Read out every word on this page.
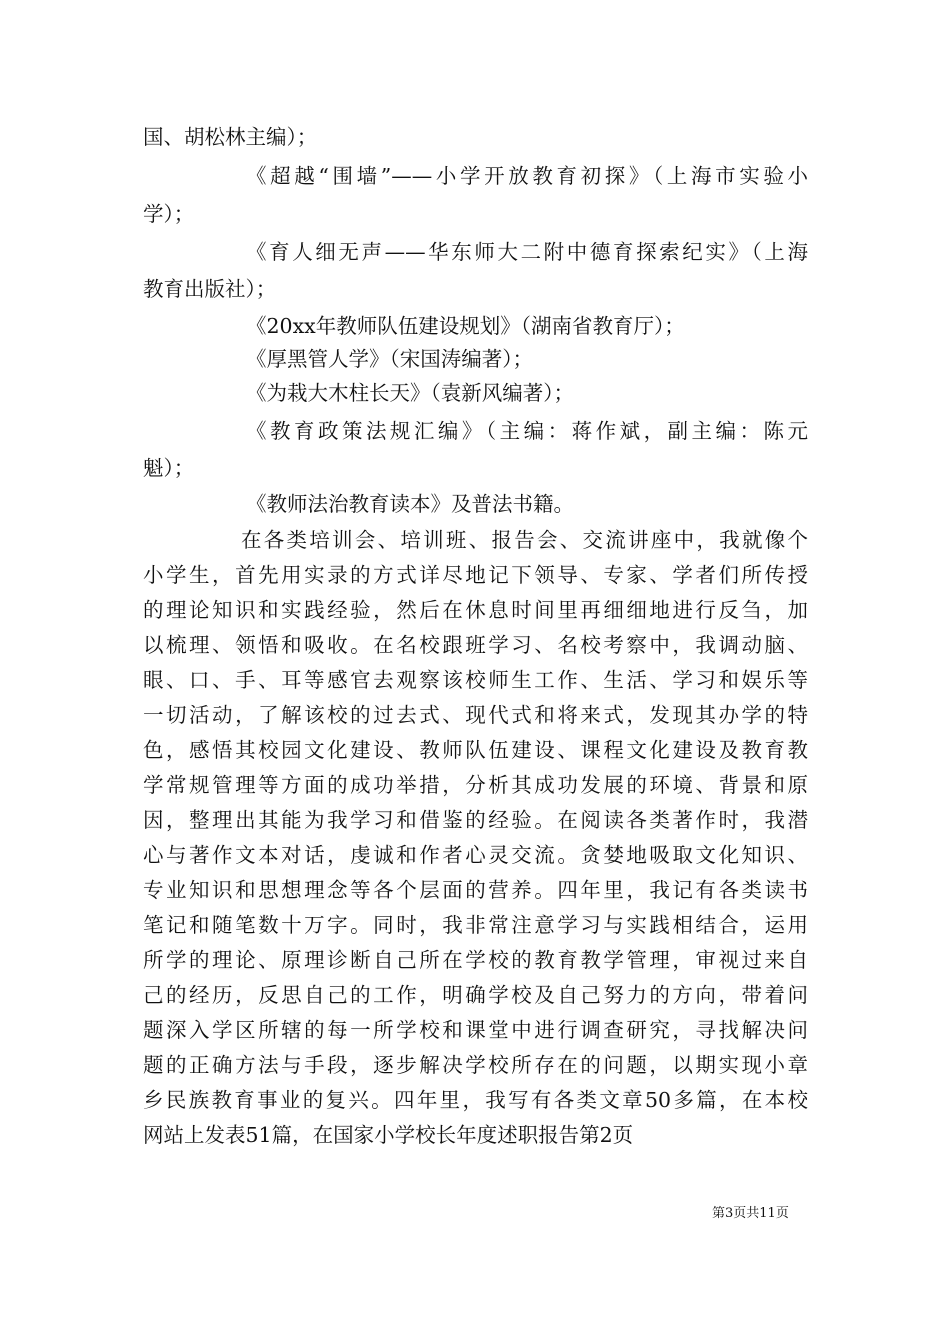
国、胡松林主编）；

《超越“围墙”——小学开放教育初探》（上海市实验小

学）；

《育人细无声——华东师大二附中德育探索纪实》（上海

教育出版社）；

《20xx年教师队伍建设规划》（湖南省教育厅）；

《厚黑管人学》（宋国涛编著）；

《为栽大木柱长天》（袁新风编著）；

《教育政策法规汇编》（主编：蒋作斌，副主编：陈元

魁）；

《教师法治教育读本》及普法书籍。

在各类培训会、培训班、报告会、交流讲座中，我就像个

小学生，首先用实录的方式详尽地记下领导、专家、学者们所传授

的理论知识和实践经验，然后在休息时间里再细细地进行反刍，加

以梳理、领悟和吸收。在名校跟班学习、名校考察中，我调动脑、

眼、口、手、耳等感官去观察该校师生工作、生活、学习和娱乐等

一切活动，了解该校的过去式、现代式和将来式，发现其办学的特

色，感悟其校园文化建设、教师队伍建设、课程文化建设及教育教

学常规管理等方面的成功举措，分析其成功发展的环境、背景和原

因，整理出其能为我学习和借鉴的经验。在阅读各类著作时，我潜

心与著作文本对话，虔诚和作者心灵交流。贪婪地吸取文化知识、

专业知识和思想理念等各个层面的营养。四年里，我记有各类读书

笔记和随笔数十万字。同时，我非常注意学习与实践相结合，运用

所学的理论、原理诊断自己所在学校的教育教学管理，审视过来自

己的经历，反思自己的工作，明确学校及自己努力的方向，带着问

题深入学区所辖的每一所学校和课堂中进行调查研究，寻找解决问

题的正确方法与手段，逐步解决学校所存在的问题，以期实现小章

乡民族教育事业的复兴。四年里，我写有各类文章50多篇，在本校

网站上发表51篇，在国家小学校长年度述职报告第2页

第3页共11页
